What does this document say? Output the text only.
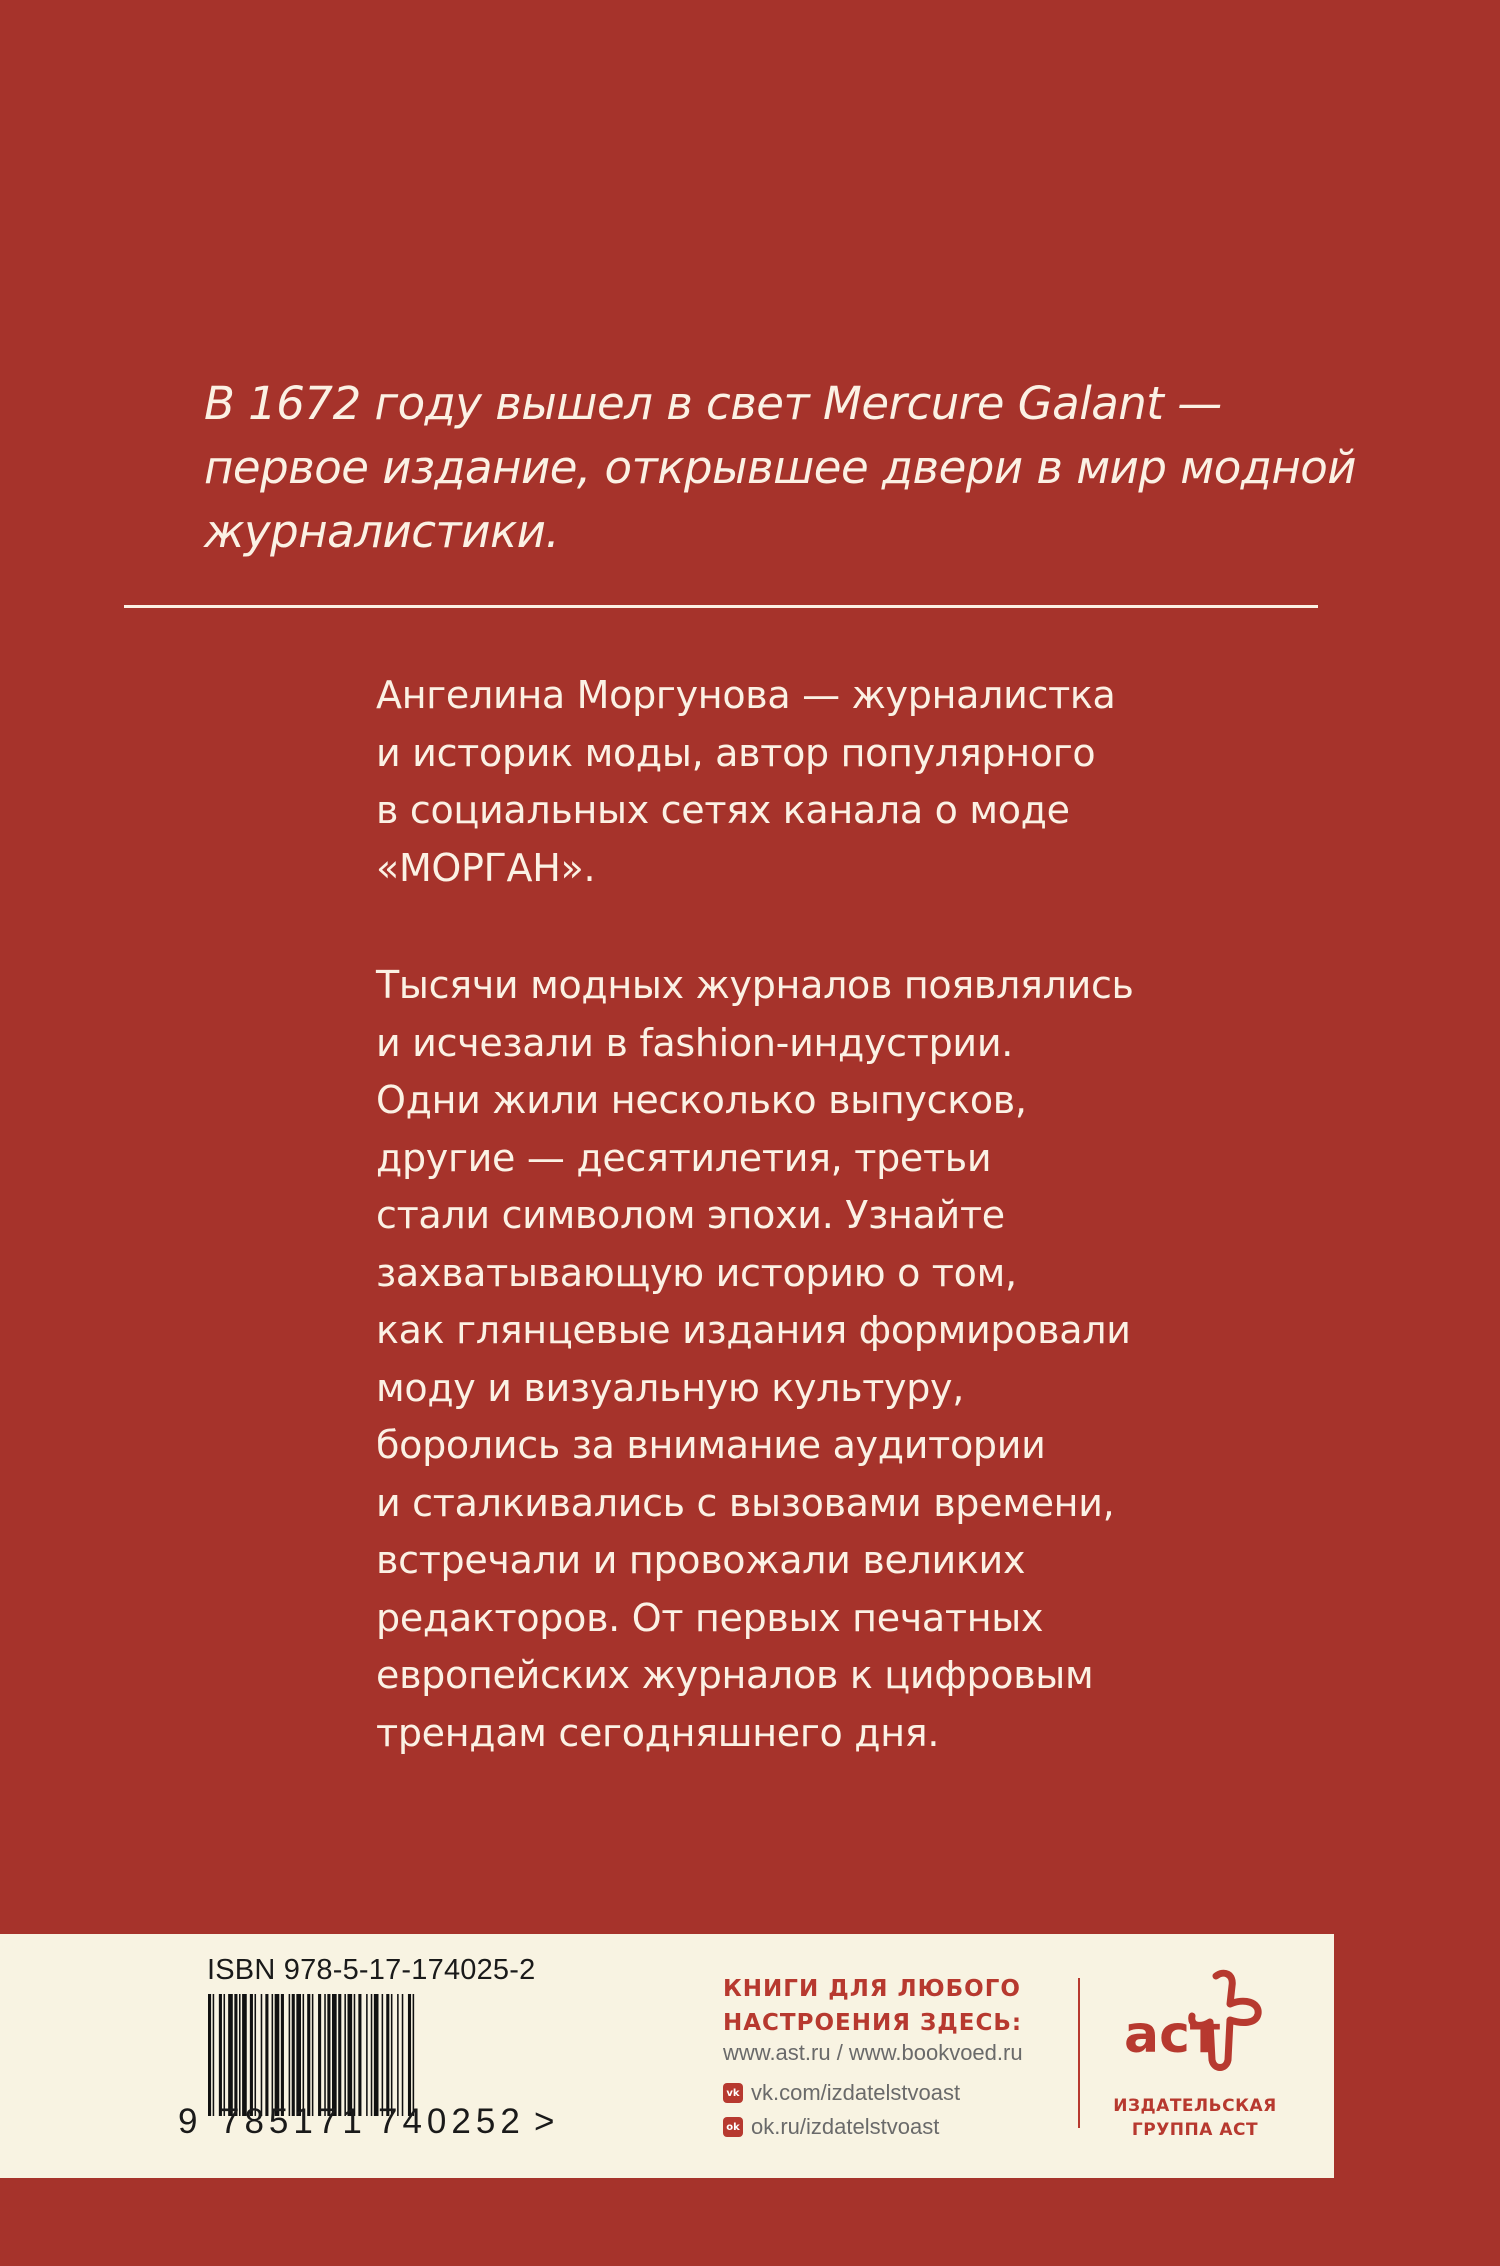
В 1672 году вышел в свет Mercure Galant —
первое издание, открывшее двери в мир модной
журналистики.
Ангелина Моргунова — журналистка
и историк моды, автор популярного
в социальных сетях канала о моде
«МОРГАН».
Тысячи модных журналов появлялись
и исчезали в fashion-индустрии.
Одни жили несколько выпусков,
другие — десятилетия, третьи
стали символом эпохи. Узнайте
захватывающую историю о том,
как глянцевые издания формировали
моду и визуальную культуру,
боролись за внимание аудитории
и сталкивались с вызовами времени,
встречали и провожали великих
редакторов. От первых печатных
европейских журналов к цифровым
трендам сегодняшнего дня.
ISBN 978-5-17-174025-2
9 785171 740252 >
КНИГИ ДЛЯ ЛЮБОГО
НАСТРОЕНИЯ ЗДЕСЬ:
www.ast.ru / www.bookvoed.ru
vk vk.com/izdatelstvoast
ok ok.ru/izdatelstvoast
аст
ИЗДАТЕЛЬСКАЯ
ГРУППА АСТ
